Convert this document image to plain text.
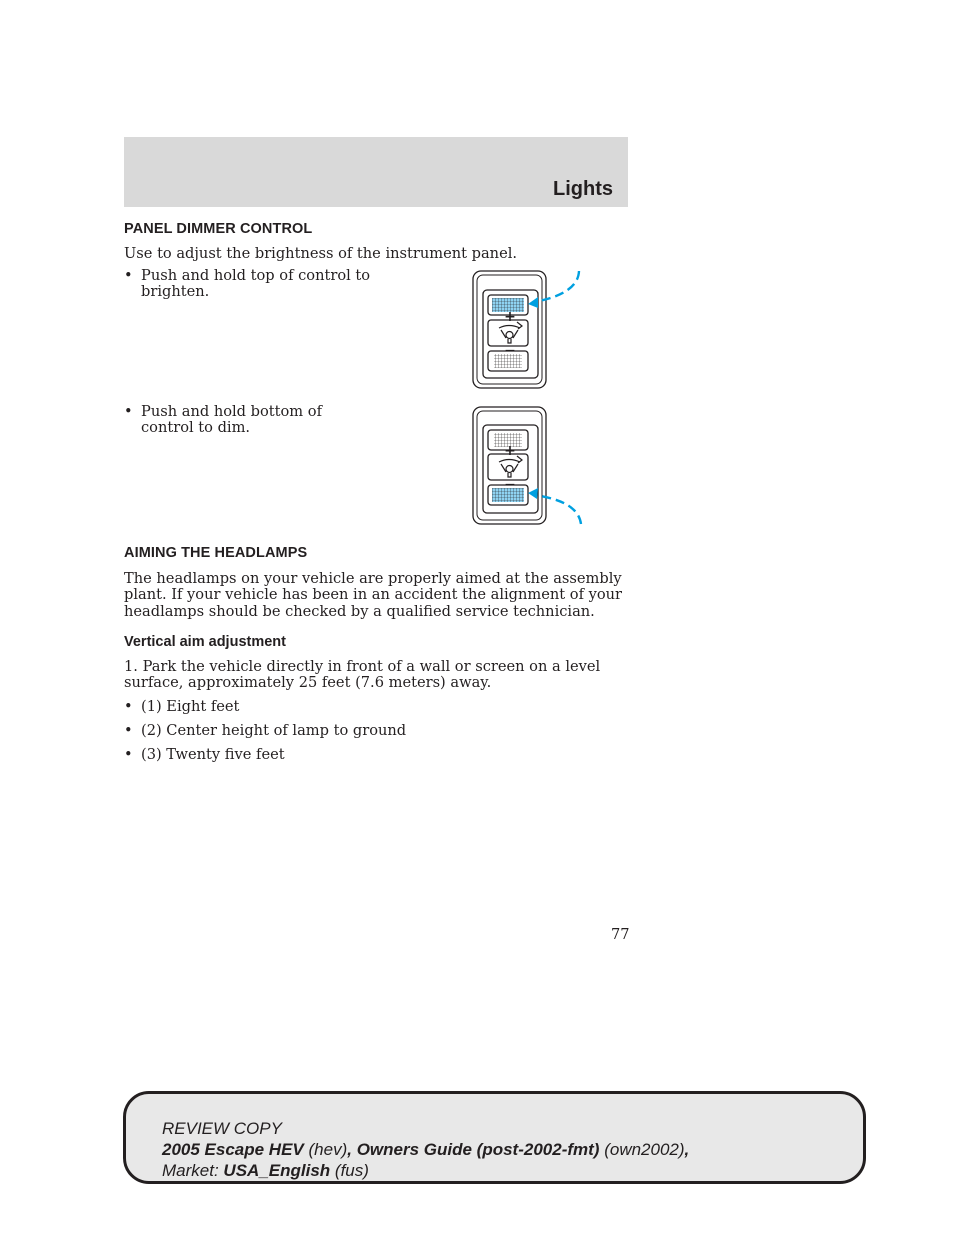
Lights
PANEL DIMMER CONTROL
Use to adjust the brightness of the instrument panel.
• Push and hold top of control to brighten.
+
• Push and hold bottom of control to dim.
+
AIMING THE HEADLAMPS
The headlamps on your vehicle are properly aimed at the assembly plant. If your vehicle has been in an accident the alignment of your headlamps should be checked by a qualified service technician.
Vertical aim adjustment
1. Park the vehicle directly in front of a wall or screen on a level surface, approximately 25 feet (7.6 meters) away.
• (1) Eight feet
• (2) Center height of lamp to ground
• (3) Twenty five feet
77
REVIEW COPY
2005 Escape HEV (hev), Owners Guide (post-2002-fmt) (own2002),
Market: USA_English (fus)
